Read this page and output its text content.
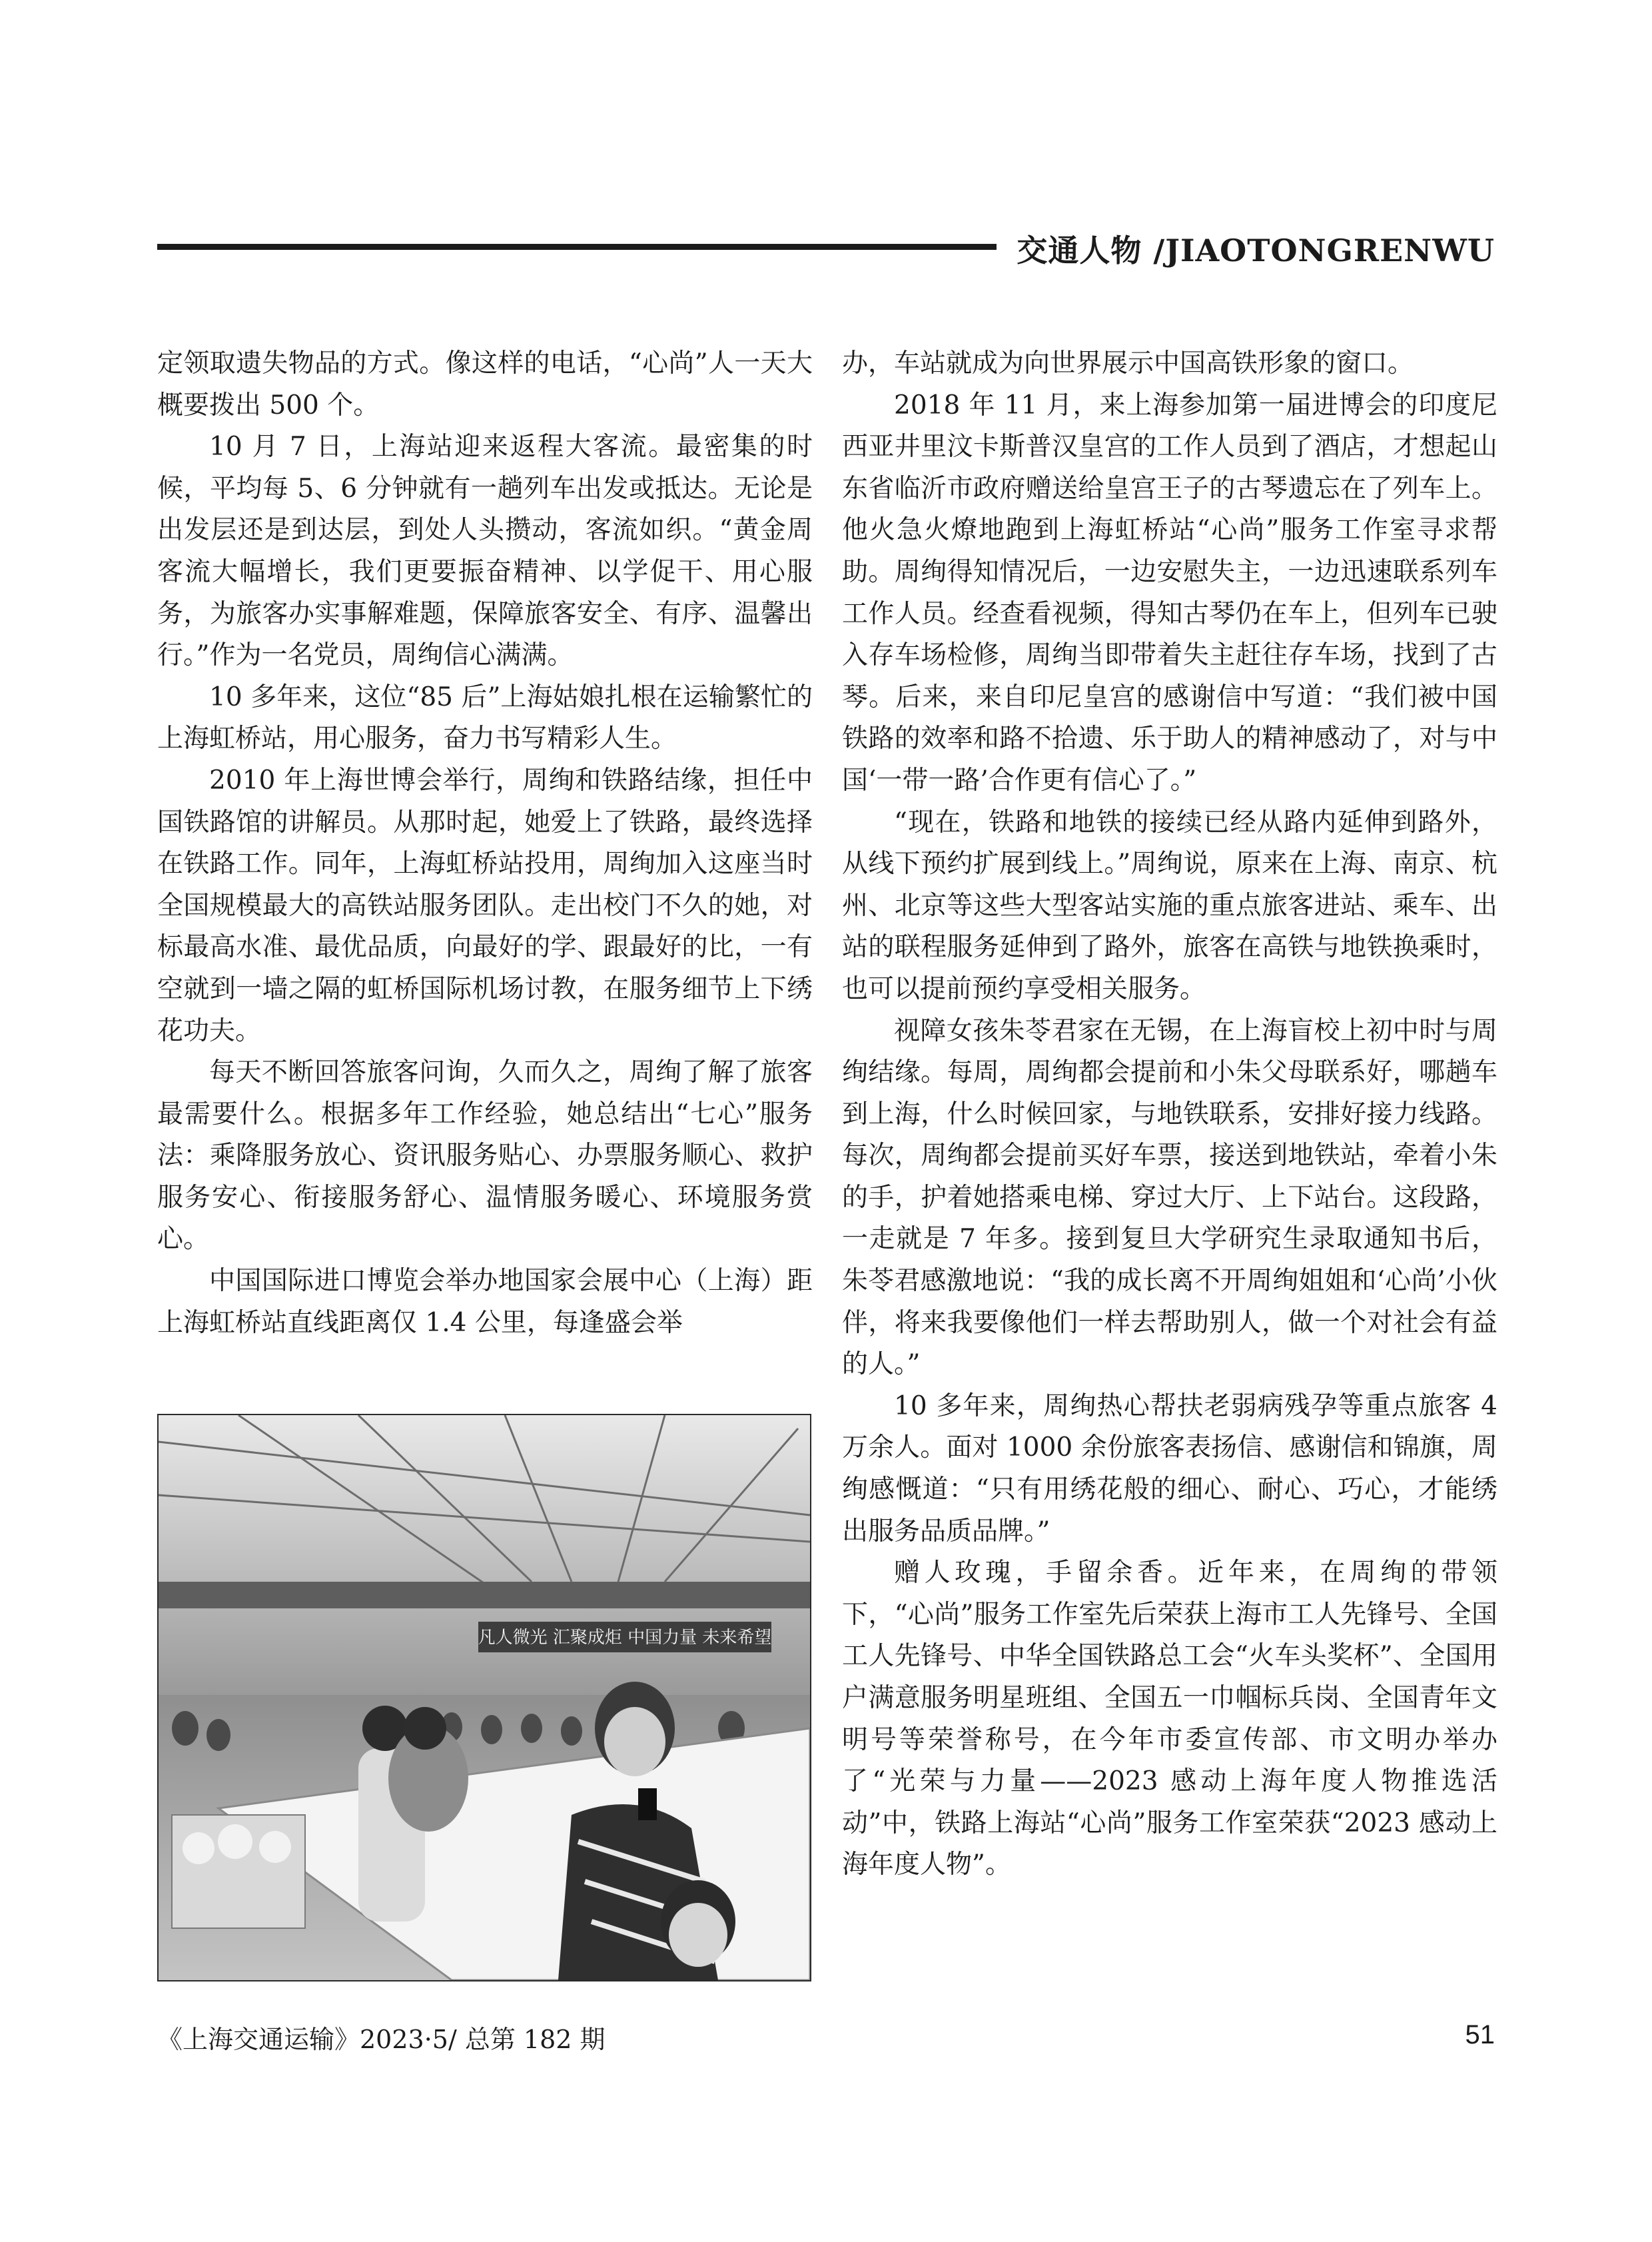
交通人物 /JIAOTONGRENWU

定领取遗失物品的方式。像这样的电话，“心尚”人一天大概要拨出 500 个。

10 月 7 日，上海站迎来返程大客流。最密集的时候，平均每 5、6 分钟就有一趟列车出发或抵达。无论是出发层还是到达层，到处人头攒动，客流如织。“黄金周客流大幅增长，我们更要振奋精神、以学促干、用心服务，为旅客办实事解难题，保障旅客安全、有序、温馨出行。”作为一名党员，周绚信心满满。

10 多年来，这位“85 后”上海姑娘扎根在运输繁忙的上海虹桥站，用心服务，奋力书写精彩人生。

2010 年上海世博会举行，周绚和铁路结缘，担任中国铁路馆的讲解员。从那时起，她爱上了铁路，最终选择在铁路工作。同年，上海虹桥站投用，周绚加入这座当时全国规模最大的高铁站服务团队。走出校门不久的她，对标最高水准、最优品质，向最好的学、跟最好的比，一有空就到一墙之隔的虹桥国际机场讨教，在服务细节上下绣花功夫。

每天不断回答旅客问询，久而久之，周绚了解了旅客最需要什么。根据多年工作经验，她总结出“七心”服务法：乘降服务放心、资讯服务贴心、办票服务顺心、救护服务安心、衔接服务舒心、温情服务暖心、环境服务赏心。

中国国际进口博览会举办地国家会展中心（上海）距上海虹桥站直线距离仅 1.4 公里，每逢盛会举

凡人微光 汇聚成炬 中国力量 未来希望

办，车站就成为向世界展示中国高铁形象的窗口。

2018 年 11 月，来上海参加第一届进博会的印度尼西亚井里汶卡斯普汉皇宫的工作人员到了酒店，才想起山东省临沂市政府赠送给皇宫王子的古琴遗忘在了列车上。他火急火燎地跑到上海虹桥站“心尚”服务工作室寻求帮助。周绚得知情况后，一边安慰失主，一边迅速联系列车工作人员。经查看视频，得知古琴仍在车上，但列车已驶入存车场检修，周绚当即带着失主赶往存车场，找到了古琴。后来，来自印尼皇宫的感谢信中写道：“我们被中国铁路的效率和路不拾遗、乐于助人的精神感动了，对与中国‘一带一路’合作更有信心了。”

“现在，铁路和地铁的接续已经从路内延伸到路外，从线下预约扩展到线上。”周绚说，原来在上海、南京、杭州、北京等这些大型客站实施的重点旅客进站、乘车、出站的联程服务延伸到了路外，旅客在高铁与地铁换乘时，也可以提前预约享受相关服务。

视障女孩朱苓君家在无锡，在上海盲校上初中时与周绚结缘。每周，周绚都会提前和小朱父母联系好，哪趟车到上海，什么时候回家，与地铁联系，安排好接力线路。每次，周绚都会提前买好车票，接送到地铁站，牵着小朱的手，护着她搭乘电梯、穿过大厅、上下站台。这段路，一走就是 7 年多。接到复旦大学研究生录取通知书后，朱苓君感激地说：“我的成长离不开周绚姐姐和‘心尚’小伙伴，将来我要像他们一样去帮助别人，做一个对社会有益的人。”

10 多年来，周绚热心帮扶老弱病残孕等重点旅客 4 万余人。面对 1000 余份旅客表扬信、感谢信和锦旗，周绚感慨道：“只有用绣花般的细心、耐心、巧心，才能绣出服务品质品牌。”

赠人玫瑰，手留余香。近年来，在周绚的带领下，“心尚”服务工作室先后荣获上海市工人先锋号、全国工人先锋号、中华全国铁路总工会“火车头奖杯”、全国用户满意服务明星班组、全国五一巾帼标兵岗、全国青年文明号等荣誉称号，在今年市委宣传部、市文明办举办了“光荣与力量——2023 感动上海年度人物推选活动”中，铁路上海站“心尚”服务工作室荣获“2023 感动上海年度人物”。

《上海交通运输》2023·5/ 总第 182 期	51
